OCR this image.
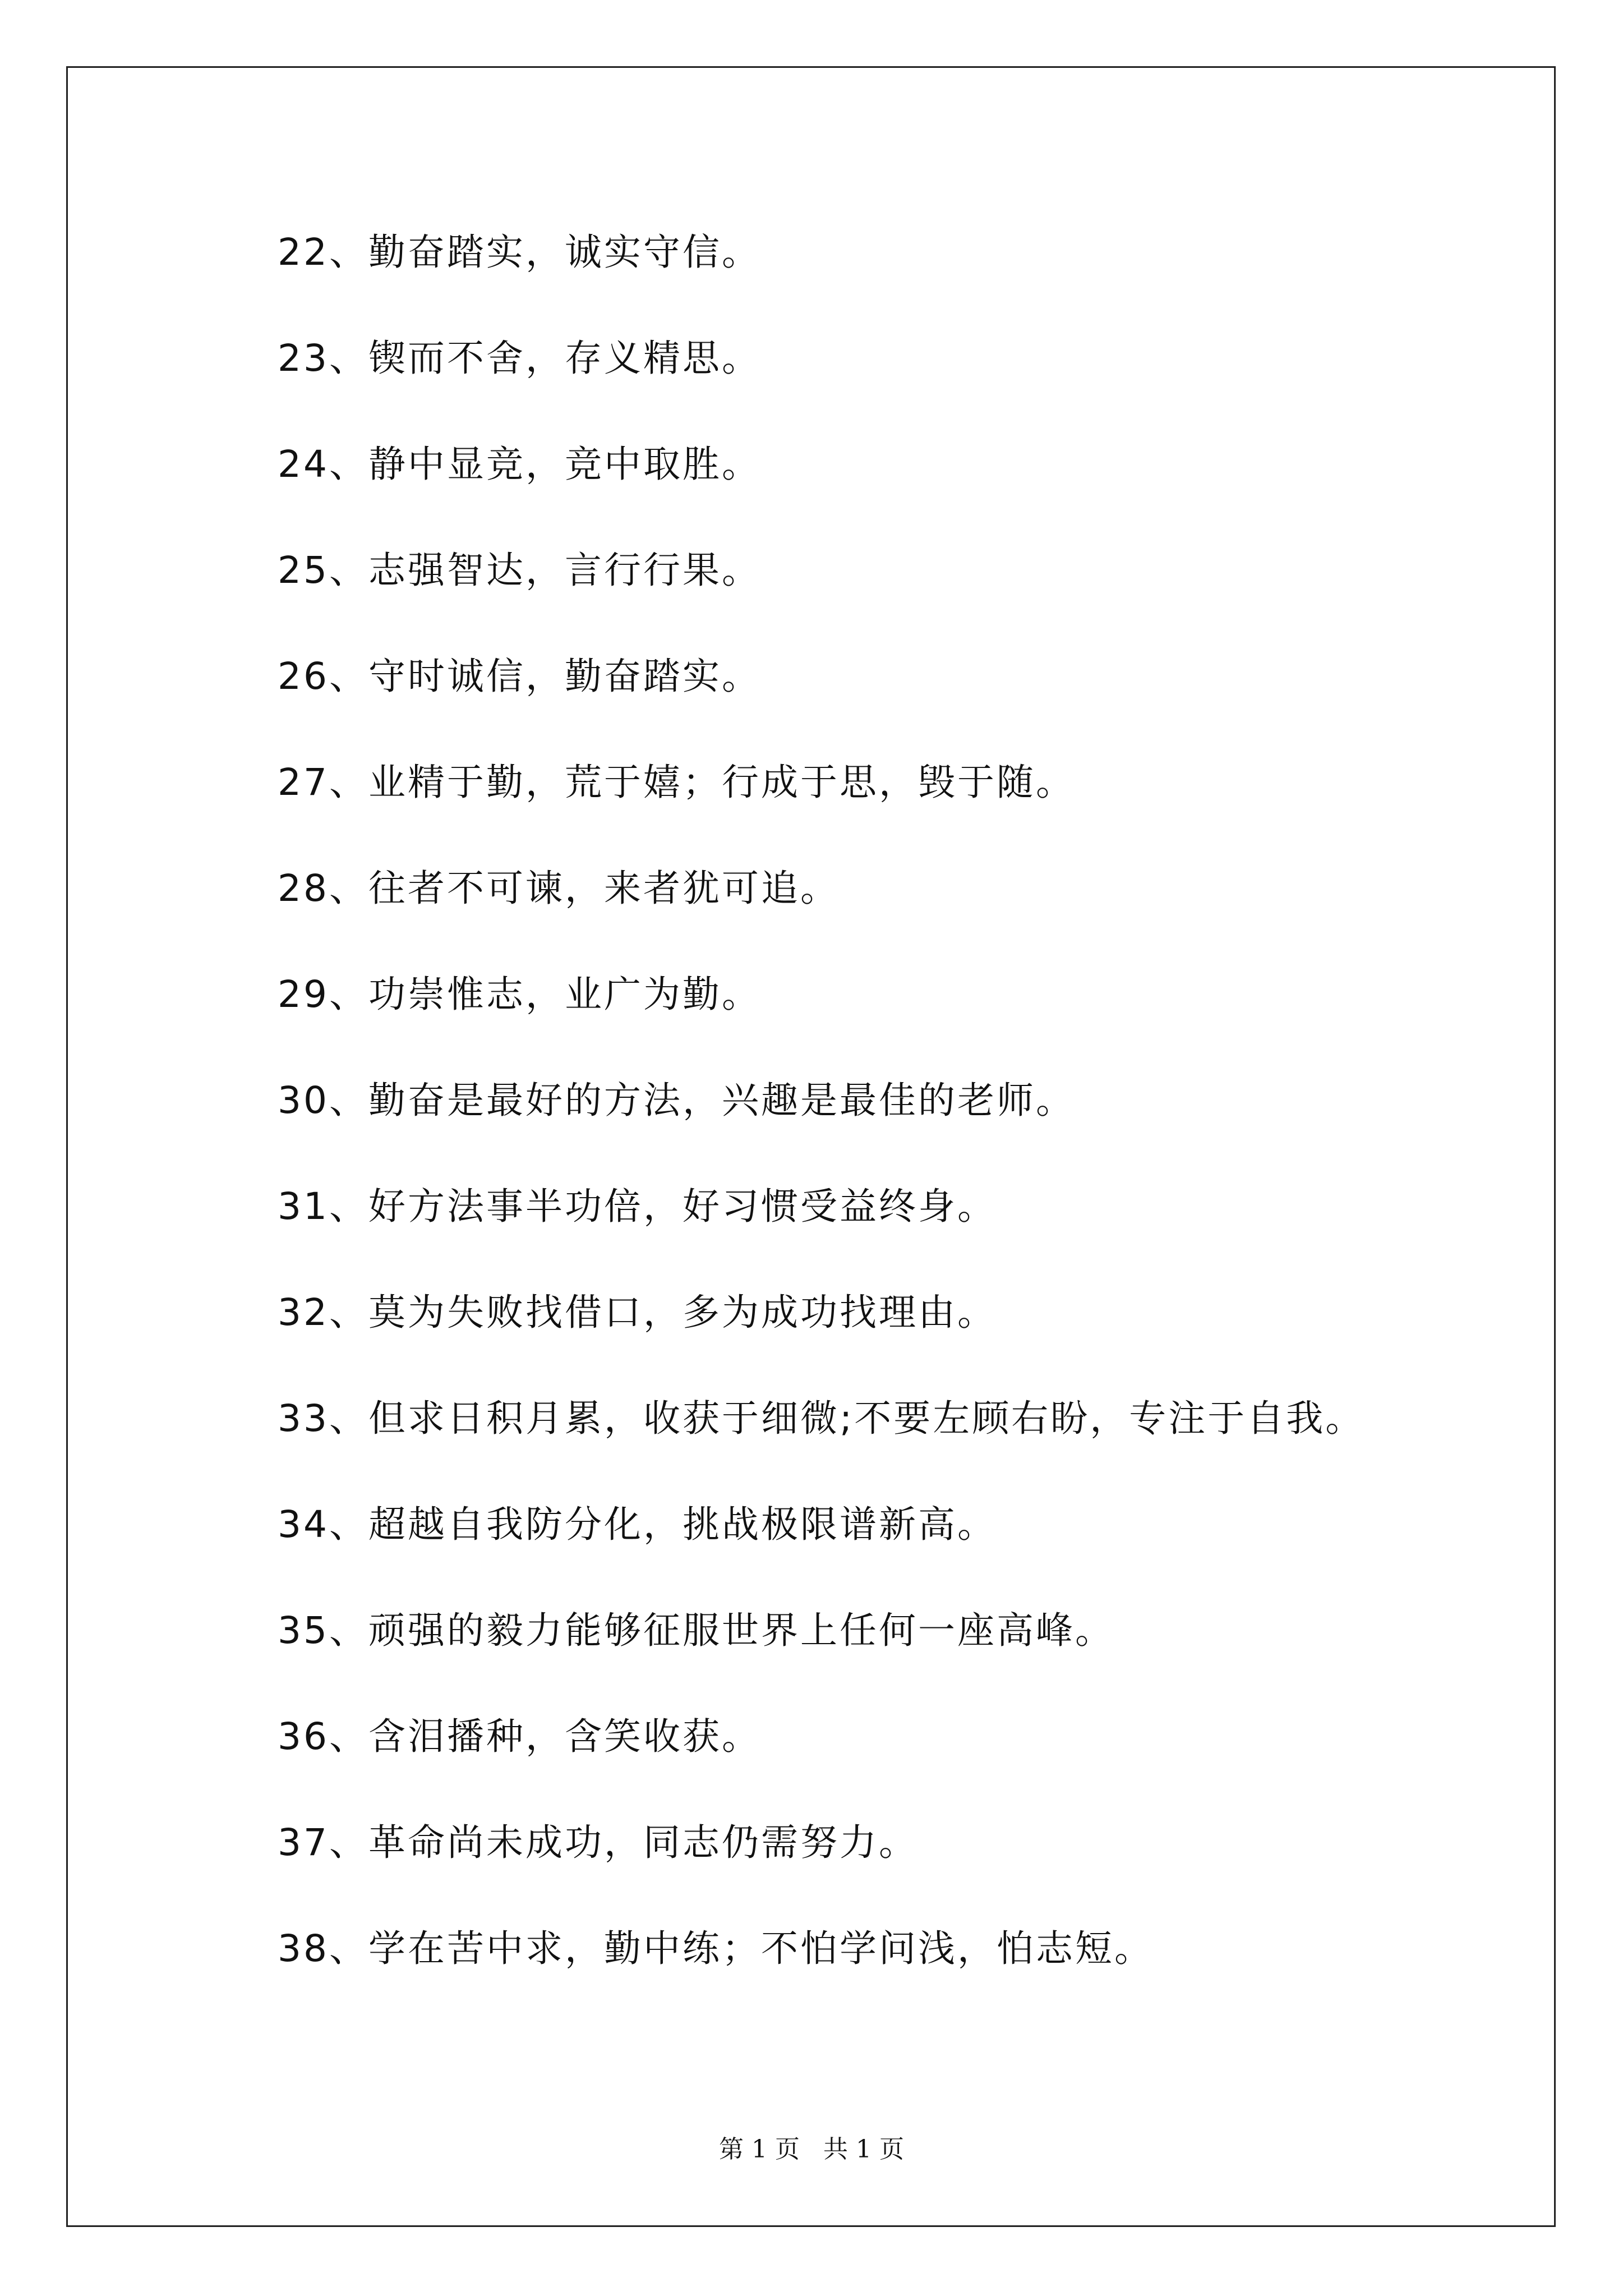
22、勤奋踏实，诚实守信。
23、锲而不舍，存义精思。
24、静中显竞，竞中取胜。
25、志强智达，言行行果。
26、守时诚信，勤奋踏实。
27、业精于勤，荒于嬉；行成于思，毁于随。
28、往者不可谏，来者犹可追。
29、功崇惟志，业广为勤。
30、勤奋是最好的方法，兴趣是最佳的老师。
31、好方法事半功倍，好习惯受益终身。
32、莫为失败找借口，多为成功找理由。
33、但求日积月累，收获于细微;不要左顾右盼，专注于自我。
34、超越自我防分化，挑战极限谱新高。
35、顽强的毅力能够征服世界上任何一座高峰。
36、含泪播种，含笑收获。
37、革命尚未成功，同志仍需努力。
38、学在苦中求，勤中练；不怕学问浅，怕志短。
第 1 页   共 1 页
